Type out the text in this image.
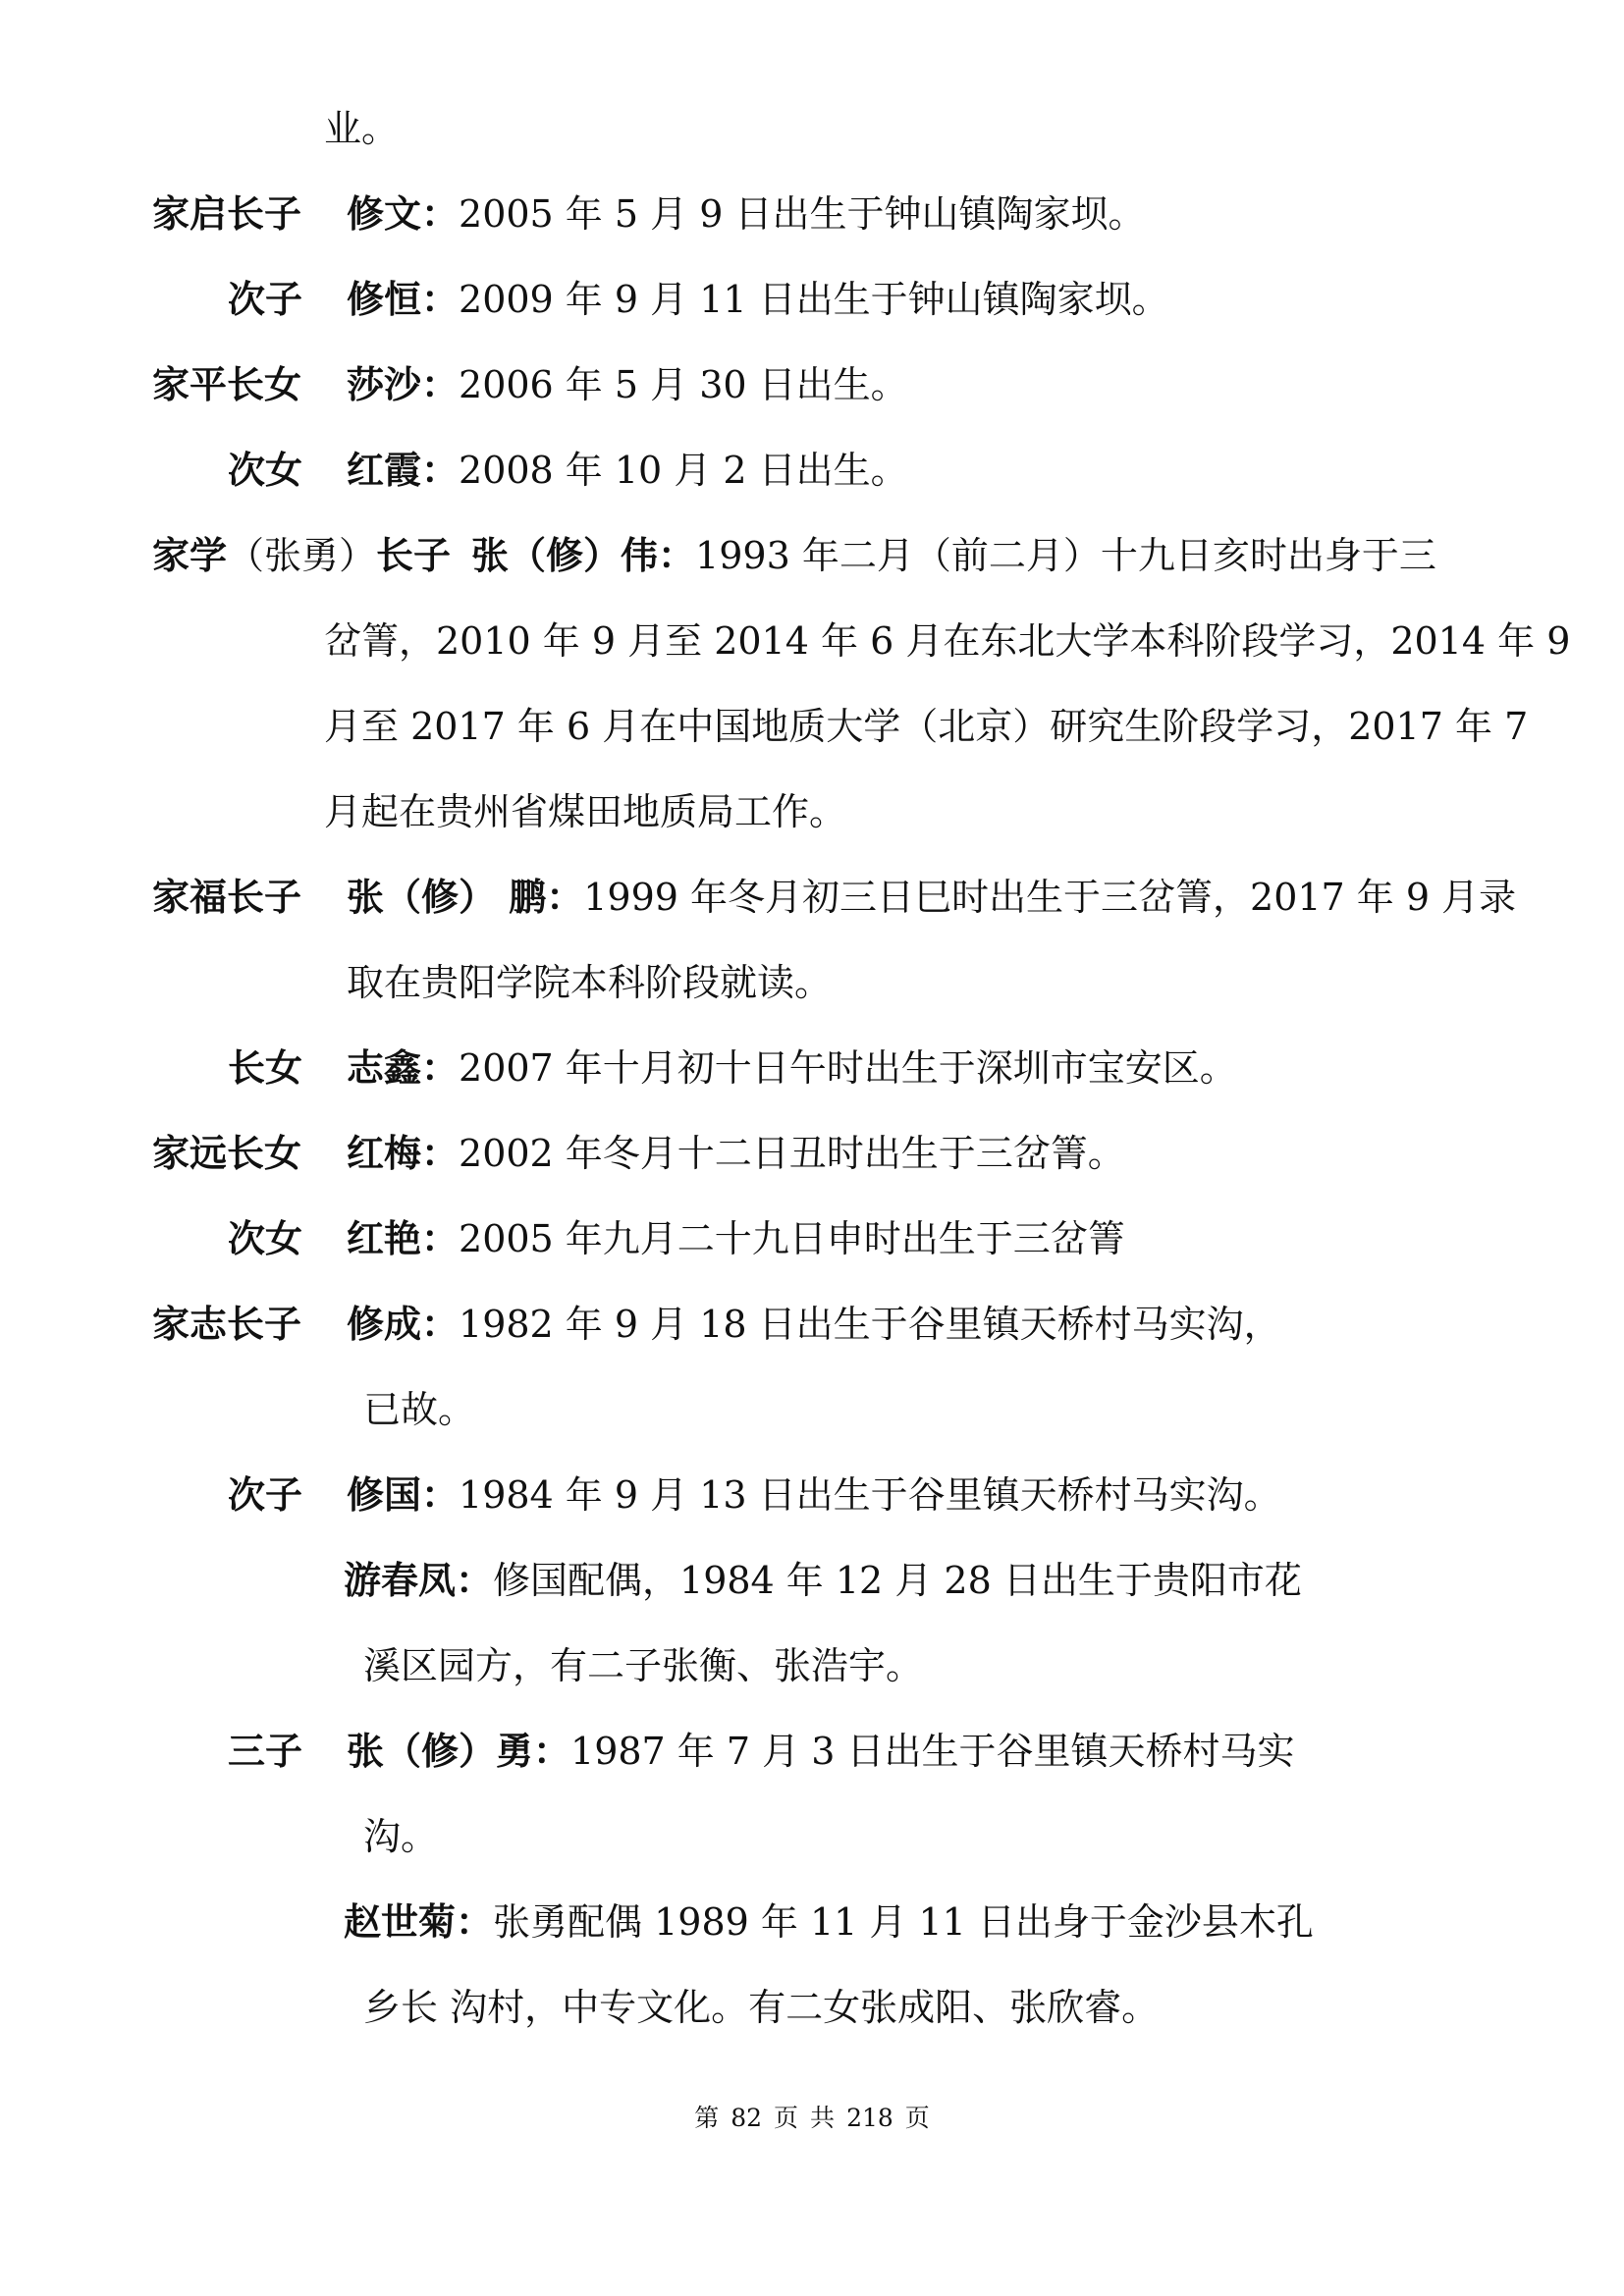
业。
家启长子 修文：2005 年 5 月 9 日出生于钟山镇陶家坝。
次子 修恒：2009 年 9 月 11 日出生于钟山镇陶家坝。
家平长女 莎沙：2006 年 5 月 30 日出生。
次女 红霞：2008 年 10 月 2 日出生。
家学（张勇）长子 张（修）伟：1993 年二月（前二月）十九日亥时出身于三
岔箐，2010 年 9 月至 2014 年 6 月在东北大学本科阶段学习，2014 年 9
月至 2017 年 6 月在中国地质大学（北京）研究生阶段学习，2017 年 7
月起在贵州省煤田地质局工作。
家福长子 张（修） 鹏：1999 年冬月初三日巳时出生于三岔箐，2017 年 9 月录
取在贵阳学院本科阶段就读。
长女 志鑫：2007 年十月初十日午时出生于深圳市宝安区。
家远长女 红梅：2002 年冬月十二日丑时出生于三岔箐。
次女 红艳：2005 年九月二十九日申时出生于三岔箐
家志长子 修成：1982 年 9 月 18 日出生于谷里镇天桥村马实沟，
已故。
次子 修国：1984 年 9 月 13 日出生于谷里镇天桥村马实沟。
游春凤：修国配偶，1984 年 12 月 28 日出生于贵阳市花
溪区园方，有二子张衡、张浩宇。
三子 张（修）勇：1987 年 7 月 3 日出生于谷里镇天桥村马实
沟。
赵世菊：张勇配偶 1989 年 11 月 11 日出身于金沙县木孔
乡长 沟村，中专文化。有二女张成阳、张欣睿。
第 82 页 共 218 页
